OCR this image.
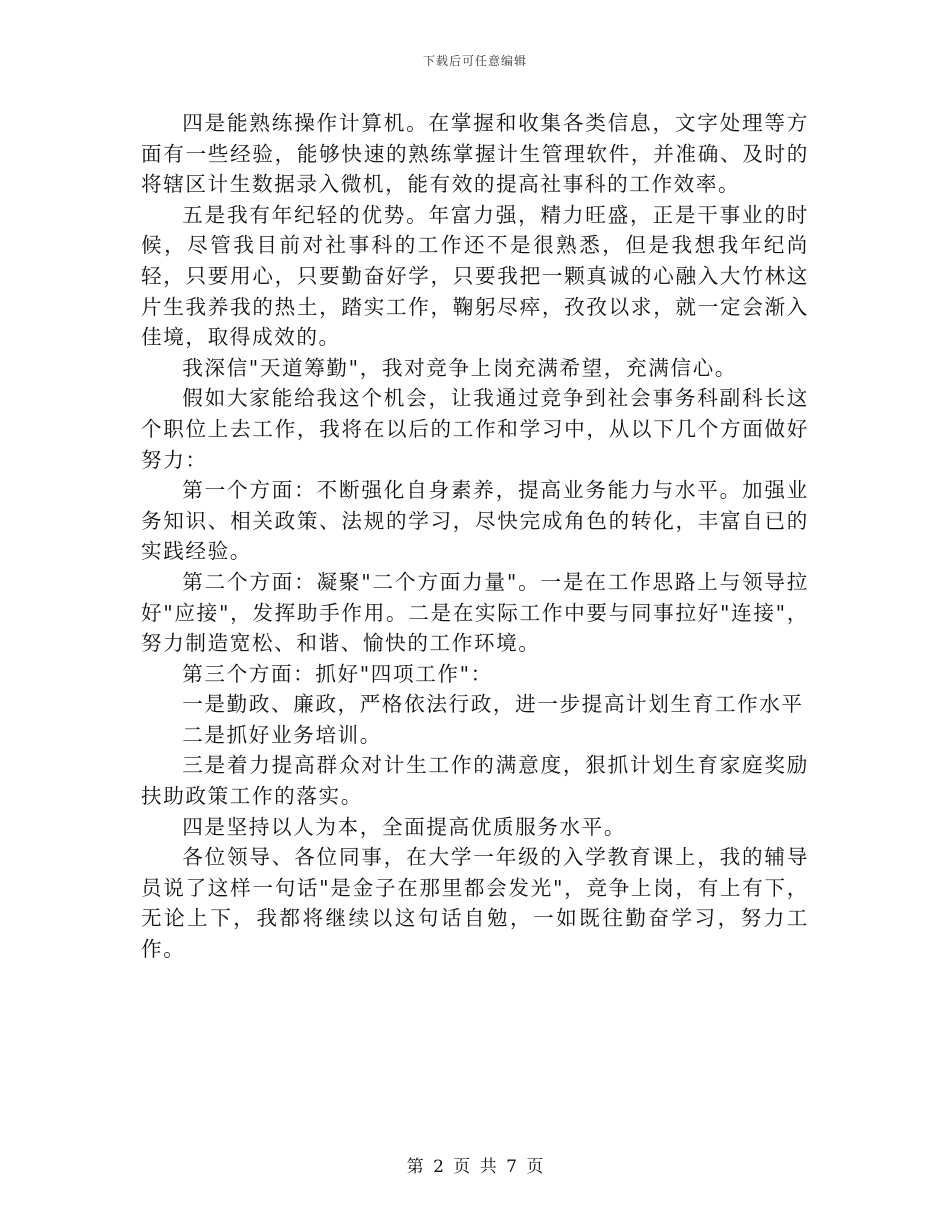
下载后可任意编辑

四是能熟练操作计算机。在掌握和收集各类信息，文字处理等方面有一些经验，能够快速的熟练掌握计生管理软件，并准确、及时的将辖区计生数据录入微机，能有效的提高社事科的工作效率。

五是我有年纪轻的优势。年富力强，精力旺盛，正是干事业的时候，尽管我目前对社事科的工作还不是很熟悉，但是我想我年纪尚轻，只要用心，只要勤奋好学，只要我把一颗真诚的心融入大竹林这片生我养我的热土，踏实工作，鞠躬尽瘁，孜孜以求，就一定会渐入佳境，取得成效的。

我深信"天道筹勤"，我对竞争上岗充满希望，充满信心。

假如大家能给我这个机会，让我通过竞争到社会事务科副科长这个职位上去工作，我将在以后的工作和学习中，从以下几个方面做好努力：

第一个方面：不断强化自身素养，提高业务能力与水平。加强业务知识、相关政策、法规的学习，尽快完成角色的转化，丰富自已的实践经验。

第二个方面：凝聚"二个方面力量"。一是在工作思路上与领导拉好"应接"，发挥助手作用。二是在实际工作中要与同事拉好"连接"，努力制造宽松、和谐、愉快的工作环境。

第三个方面：抓好"四项工作"：

一是勤政、廉政，严格依法行政，进一步提高计划生育工作水平

二是抓好业务培训。

三是着力提高群众对计生工作的满意度，狠抓计划生育家庭奖励扶助政策工作的落实。

四是坚持以人为本，全面提高优质服务水平。

各位领导、各位同事，在大学一年级的入学教育课上，我的辅导员说了这样一句话"是金子在那里都会发光"，竞争上岗，有上有下，无论上下，我都将继续以这句话自勉，一如既往勤奋学习，努力工作。

第 2 页 共 7 页
